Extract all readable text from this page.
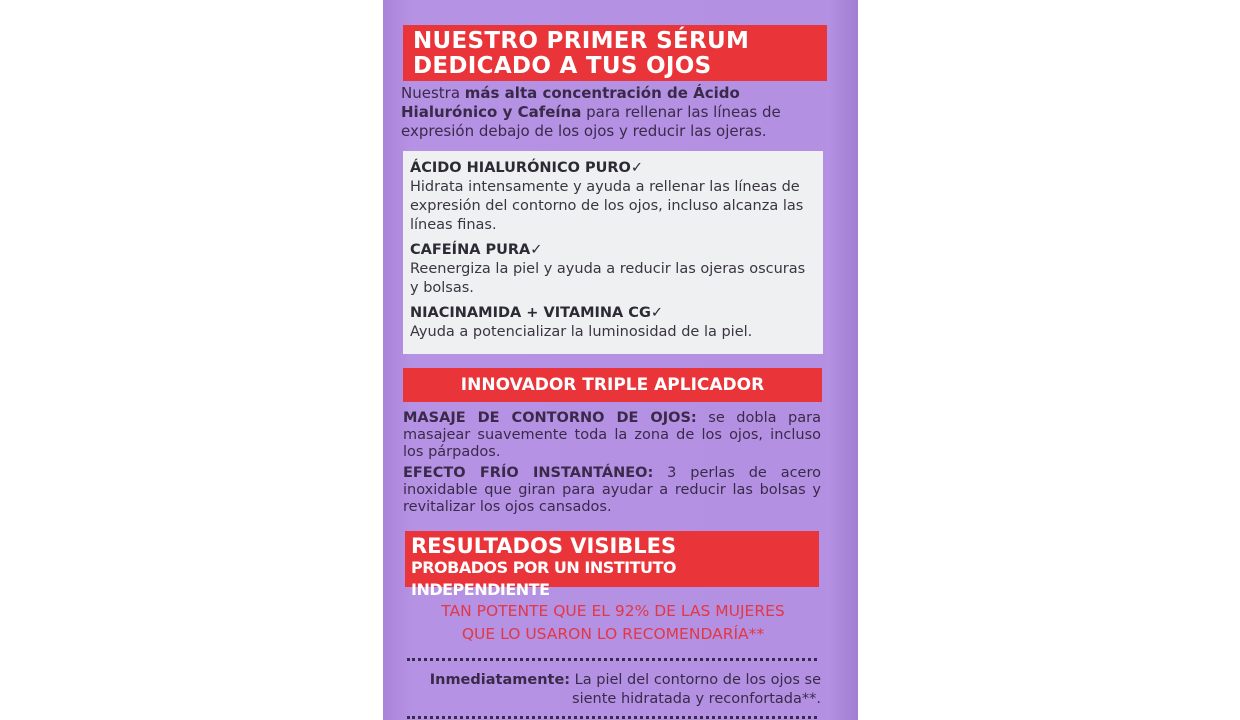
NUESTRO PRIMER SÉRUM
DEDICADO A TUS OJOS
Nuestra más alta concentración de Ácido Hialurónico y Cafeína para rellenar las líneas de expresión debajo de los ojos y reducir las ojeras.

ÁCIDO HIALURÓNICO PURO✓
Hidrata intensamente y ayuda a rellenar las líneas de expresión del contorno de los ojos, incluso alcanza las líneas finas.

CAFEÍNA PURA✓
Reenergiza la piel y ayuda a reducir las ojeras oscuras y bolsas.

NIACINAMIDA + VITAMINA CG✓
Ayuda a potencializar la luminosidad de la piel.

INNOVADOR TRIPLE APLICADOR

MASAJE DE CONTORNO DE OJOS: se dobla para masajear suavemente toda la zona de los ojos, incluso los párpados.

EFECTO FRÍO INSTANTÁNEO: 3 perlas de acero inoxidable que giran para ayudar a reducir las bolsas y revitalizar los ojos cansados.

RESULTADOS VISIBLES
PROBADOS POR UN INSTITUTO INDEPENDIENTE
TAN POTENTE QUE EL 92% DE LAS MUJERES
QUE LO USARON LO RECOMENDARÍA**
Inmediatamente: La piel del contorno de los ojos se siente hidratada y reconfortada**.
